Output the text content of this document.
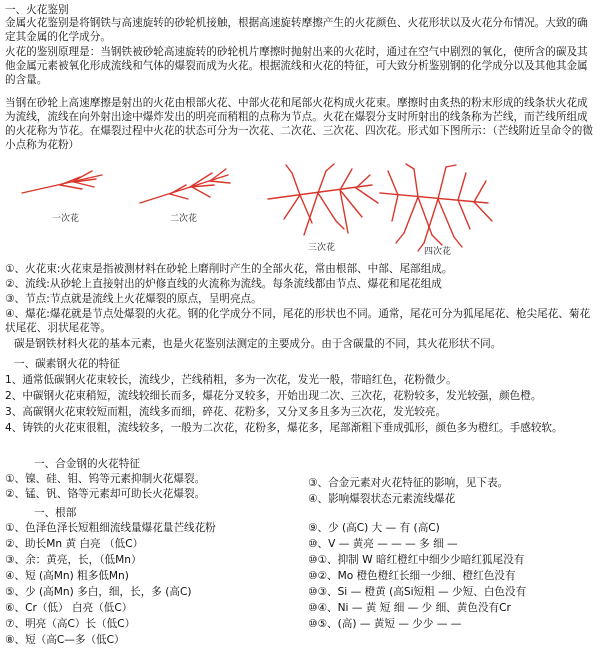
一、火花鉴别
金属火花鉴别是将钢铁与高速旋转的砂轮机接触，根据高速旋转摩擦产生的火花颜色、火花形状以及火花分布情况。大致的确定其金属的化学成分。
火花的鉴别原理是：当钢铁被砂轮高速旋转的砂轮机片摩擦时抛射出来的火花时，通过在空气中剧烈的氧化，使所含的碳及其他金属元素被氧化形成流线和气体的爆裂而成为火花。根据流线和火花的特征，可大致分析鉴别钢的化学成分以及其他其金属的含量。
当钢在砂轮上高速摩擦是射出的火花由根部火花、中部火花和尾部火花构成火花束。摩擦时由炙热的粉末形成的线条状火花成为流线，流线在向外射出途中爆炸发出的明亮而稍粗的点称为节点。火花在爆裂分支时所射出的线条称为芒线，而芒线所组成的火花称为节花。在爆裂过程中火花的状态可分为一次花、二次花、三次花、四次花。形式如下图所示：（芒线附近呈命令的微小点称为花粉）
一次花	二次花
三次花	四次花
①、火花束:火花束是指被测材料在砂轮上磨削时产生的全部火花，常由根部、中部、尾部组成。
②、流线:从砂轮上直接射出的炉修直线的火流称为流线。每条流线都由节点、爆花和尾花组成
③、节点:节点就是流线上火花爆裂的原点，呈明亮点。
④、爆花:爆花就是节点处爆裂的火花。钢的化学成分不同，尾花的形状也不同。通常，尾花可分为狐尾尾花、枪尖尾花、菊花状尾花、羽状尾花等。
碳是钢铁材料火花的基本元素，也是火花鉴别法测定的主要成分。由于含碳量的不同，其火花形状不同。
一、碳素钢火花的特征
1、通常低碳钢火花束较长，流线少，芒线稍粗，多为一次花，发光一般，带暗红色，花粉微少。
2、中碳钢火花束稍短，流线较细长而多，爆花分叉较多，开始出现二次、三次花，花粉较多，发光较强，颜色橙。
3、高碳钢火花束较短而粗，流线多而细，碎花、花粉多，又分叉多且多为三次花，发光较亮。
4、铸铁的火花束很粗，流线较多，一般为二次花，花粉多，爆花多，尾部渐粗下垂成弧形，颜色多为橙红。手感较软。
一、合金钢的火花特征
①、镍、硅、钼、钨等元素抑制火花爆裂。
②、锰、钒、铬等元素却可助长火花爆裂。
③、合金元素对火花特征的影响，见下表。
④、影响爆裂状态元素流线爆花
一、根部
①、色泽色泽长短粗细流线量爆花量芒线花粉
②、助长Mn 黄 白亮 （低C）
③、余：黄亮，长，（低Mn）
④、短 (高Mn) 粗多低Mn)
⑤、少 (高Mn) 多白，细，长，多 (高C)
⑥、Cr（低） 白亮（低C）
⑦、明亮（高C）长（低C）
⑧、短（高C—多（低C）
⑨、少 (高C) 大 — 有 (高C)
⑩、V — 黄亮 — — — 多 细 —
⑩①、抑制 W 暗红橙红中细少少暗红狐尾没有
⑩②、Mo 橙色橙红长细一少细、橙红色没有
⑩③、Si — 橙黄 (高Si短粗 — 少短、白色没有
⑩④、Ni — 黄 短 细 — 少 细、黄色没有Cr
⑩⑤、(高) — 黄短 — 少少 — —
